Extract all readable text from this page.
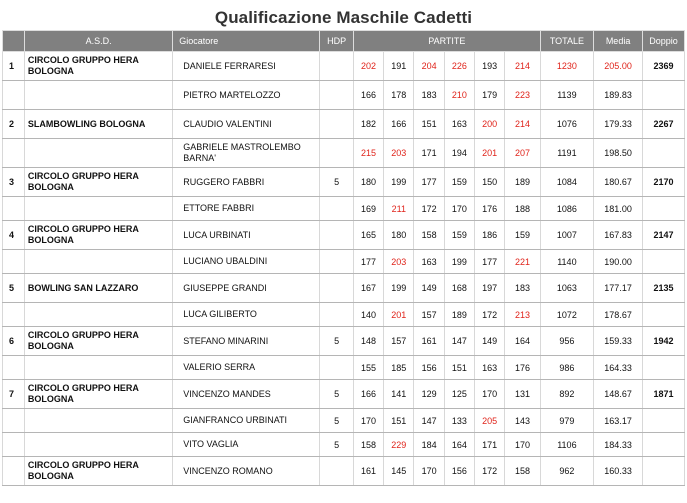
Qualificazione Maschile Cadetti
	A.S.D.	Giocatore	HDP	PARTITE						TOTALE	Media	Doppio
1	CIRCOLO GRUPPO HERA BOLOGNA	DANIELE FERRARESI		202	191	204	226	193	214	1230	205.00	2369
		PIETRO MARTELOZZO		166	178	183	210	179	223	1139	189.83	
2	SLAMBOWLING BOLOGNA	CLAUDIO VALENTINI		182	166	151	163	200	214	1076	179.33	2267
		GABRIELE MASTROLEMBO BARNA'		215	203	171	194	201	207	1191	198.50	
3	CIRCOLO GRUPPO HERA BOLOGNA	RUGGERO FABBRI	5	180	199	177	159	150	189	1084	180.67	2170
		ETTORE FABBRI		169	211	172	170	176	188	1086	181.00	
4	CIRCOLO GRUPPO HERA BOLOGNA	LUCA URBINATI		165	180	158	159	186	159	1007	167.83	2147
		LUCIANO UBALDINI		177	203	163	199	177	221	1140	190.00	
5	BOWLING SAN LAZZARO	GIUSEPPE GRANDI		167	199	149	168	197	183	1063	177.17	2135
		LUCA GILIBERTO		140	201	157	189	172	213	1072	178.67	
6	CIRCOLO GRUPPO HERA BOLOGNA	STEFANO MINARINI	5	148	157	161	147	149	164	956	159.33	1942
		VALERIO SERRA		155	185	156	151	163	176	986	164.33	
7	CIRCOLO GRUPPO HERA BOLOGNA	VINCENZO MANDES	5	166	141	129	125	170	131	892	148.67	1871
		GIANFRANCO URBINATI	5	170	151	147	133	205	143	979	163.17	
		VITO VAGLIA	5	158	229	184	164	171	170	1106	184.33	
	CIRCOLO GRUPPO HERA BOLOGNA	VINCENZO ROMANO		161	145	170	156	172	158	962	160.33	
